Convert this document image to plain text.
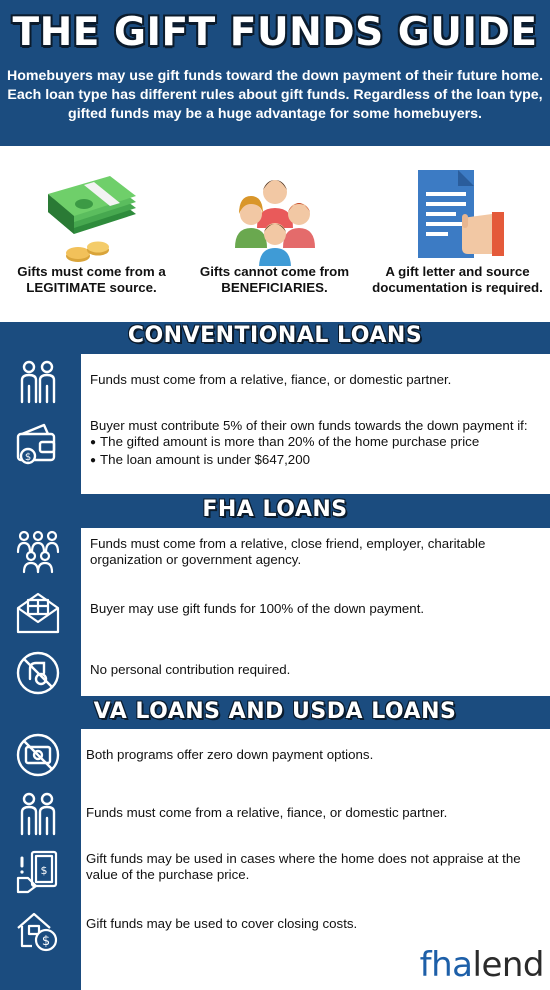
THE GIFT FUNDS GUIDE
Homebuyers may use gift funds toward the down payment of their future home. Each loan type has different rules about gift funds. Regardless of the loan type, gifted funds may be a huge advantage for some homebuyers.
Gifts must come from a LEGITIMATE source.
Gifts cannot come from BENEFICIARIES.
A gift letter and source documentation is required.
CONVENTIONAL LOANS
$
Funds must come from a relative, fiance, or domestic partner.
Buyer must contribute 5% of their own funds towards the down payment if:
● The gifted amount is more than 20% of the home purchase price
● The loan amount is under $647,200
FHA LOANS
Funds must come from a relative, close friend, employer, charitable organization or government agency.
Buyer may use gift funds for 100% of the down payment.
No personal contribution required.
VA LOANS AND USDA LOANS
$
$
Both programs offer zero down payment options.
Funds must come from a relative, fiance, or domestic partner.
Gift funds may be used in cases where the home does not appraise at the value of the purchase price.
Gift funds may be used to cover closing costs.
fhalend
